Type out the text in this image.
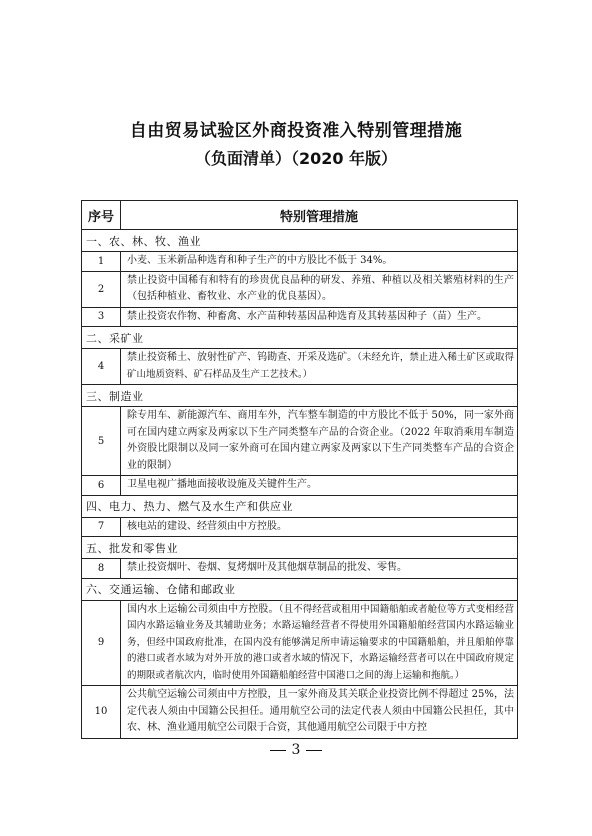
自由贸易试验区外商投资准入特别管理措施
（负面清单）（2020 年版）
序号	特别管理措施
一、农、林、牧、渔业	
1	小麦、玉米新品种选育和种子生产的中方股比不低于 34%。
2	禁止投资中国稀有和特有的珍贵优良品种的研发、养殖、种植以及相关繁殖材料的生产（包括种植业、畜牧业、水产业的优良基因）。
3	禁止投资农作物、种畜禽、水产苗种转基因品种选育及其转基因种子（苗）生产。
二、采矿业	
4	禁止投资稀土、放射性矿产、钨勘查、开采及选矿。（未经允许，禁止进入稀土矿区或取得矿山地质资料、矿石样品及生产工艺技术。）
三、制造业	
5	除专用车、新能源汽车、商用车外，汽车整车制造的中方股比不低于 50%，同一家外商可在国内建立两家及两家以下生产同类整车产品的合资企业。（2022 年取消乘用车制造外资股比限制以及同一家外商可在国内建立两家及两家以下生产同类整车产品的合资企业的限制）
6	卫星电视广播地面接收设施及关键件生产。
四、电力、热力、燃气及水生产和供应业	
7	核电站的建设、经营须由中方控股。
五、批发和零售业	
8	禁止投资烟叶、卷烟、复烤烟叶及其他烟草制品的批发、零售。
六、交通运输、仓储和邮政业	
9	国内水上运输公司须由中方控股。（且不得经营或租用中国籍船舶或者舱位等方式变相经营国内水路运输业务及其辅助业务；水路运输经营者不得使用外国籍船舶经营国内水路运输业务，但经中国政府批准，在国内没有能够满足所申请运输要求的中国籍船舶，并且船舶停靠的港口或者水域为对外开放的港口或者水域的情况下，水路运输经营者可以在中国政府规定的期限或者航次内，临时使用外国籍船舶经营中国港口之间的海上运输和拖航。）
10	公共航空运输公司须由中方控股，且一家外商及其关联企业投资比例不得超过 25%，法定代表人须由中国籍公民担任。通用航空公司的法定代表人须由中国籍公民担任，其中农、林、渔业通用航空公司限于合资，其他通用航空公司限于中方控
3
